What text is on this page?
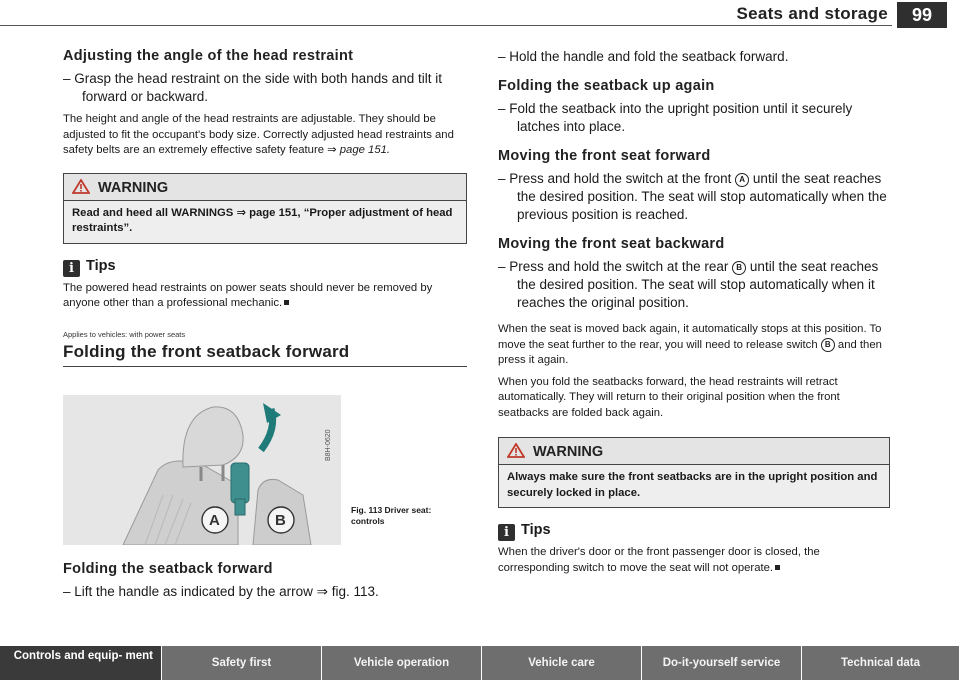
Seats and storage	99
Adjusting the angle of the head restraint

– Grasp the head restraint on the side with both hands and tilt it forward or backward.

The height and angle of the head restraints are adjustable. They should be adjusted to fit the occupant's body size. Correctly adjusted head restraints and safety belts are an extremely effective safety feature ⇒ page 151.

WARNING
Read and heed all WARNINGS ⇒ page 151, “Proper adjustment of head restraints”.
i Tips

The powered head restraints on power seats should never be removed by anyone other than a professional mechanic.

Applies to vehicles: with power seats

Folding the front seatback forward

A	B
B8H-0620
Fig. 113 Driver seat: controls
Folding the seatback forward

– Lift the handle as indicated by the arrow ⇒ fig. 113.

– Hold the handle and fold the seatback forward.

Folding the seatback up again

– Fold the seatback into the upright position until it securely latches into place.

Moving the front seat forward

– Press and hold the switch at the front A until the seat reaches the desired position. The seat will stop automatically when the previous position is reached.

Moving the front seat backward

– Press and hold the switch at the rear B until the seat reaches the desired position. The seat will stop automatically when it reaches the original position.

When the seat is moved back again, it automatically stops at this position. To move the seat further to the rear, you will need to release switch B and then press it again.

When you fold the seatbacks forward, the head restraints will retract automatically. They will return to their original position when the front seatbacks are folded back again.

WARNING
Always make sure the front seatbacks are in the upright position and securely locked in place.
i Tips

When the driver's door or the front passenger door is closed, the corresponding switch to move the seat will not operate.

Controls and equip- ment
Safety first	Vehicle operation	Vehicle care	Do-it-yourself service	Technical data
